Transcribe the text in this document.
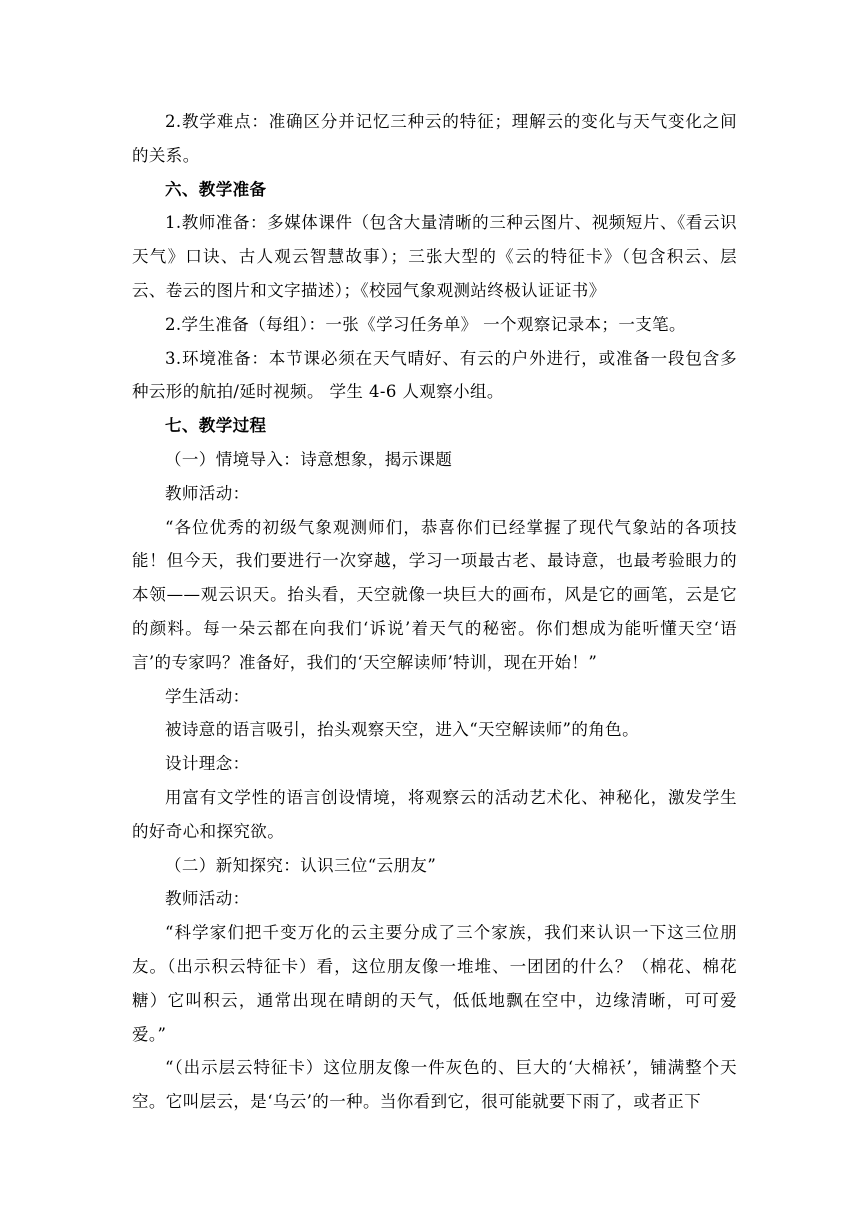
2.教学难点：准确区分并记忆三种云的特征；理解云的变化与天气变化之间的关系。

六、教学准备

1.教师准备：多媒体课件（包含大量清晰的三种云图片、视频短片、《看云识天气》口诀、古人观云智慧故事）；三张大型的《云的特征卡》（包含积云、层云、卷云的图片和文字描述）；《校园气象观测站终极认证证书》

2.学生准备（每组）：一张《学习任务单》 一个观察记录本；一支笔。

3.环境准备：本节课必须在天气晴好、有云的户外进行，或准备一段包含多种云形的航拍/延时视频。 学生 4-6 人观察小组。

七、教学过程

（一）情境导入：诗意想象，揭示课题

教师活动：

“各位优秀的初级气象观测师们，恭喜你们已经掌握了现代气象站的各项技能！但今天，我们要进行一次穿越，学习一项最古老、最诗意，也最考验眼力的本领——观云识天。抬头看，天空就像一块巨大的画布，风是它的画笔，云是它的颜料。每一朵云都在向我们‘诉说’着天气的秘密。你们想成为能听懂天空‘语言’的专家吗？准备好，我们的‘天空解读师’特训，现在开始！”

学生活动：

被诗意的语言吸引，抬头观察天空，进入“天空解读师”的角色。

设计理念：

用富有文学性的语言创设情境，将观察云的活动艺术化、神秘化，激发学生的好奇心和探究欲。

（二）新知探究：认识三位“云朋友”

教师活动：

“科学家们把千变万化的云主要分成了三个家族，我们来认识一下这三位朋友。（出示积云特征卡）看，这位朋友像一堆堆、一团团的什么？（棉花、棉花糖）它叫积云，通常出现在晴朗的天气，低低地飘在空中，边缘清晰，可可爱爱。”

“（出示层云特征卡）这位朋友像一件灰色的、巨大的‘大棉袄’，铺满整个天空。它叫层云，是‘乌云’的一种。当你看到它，很可能就要下雨了，或者正下
